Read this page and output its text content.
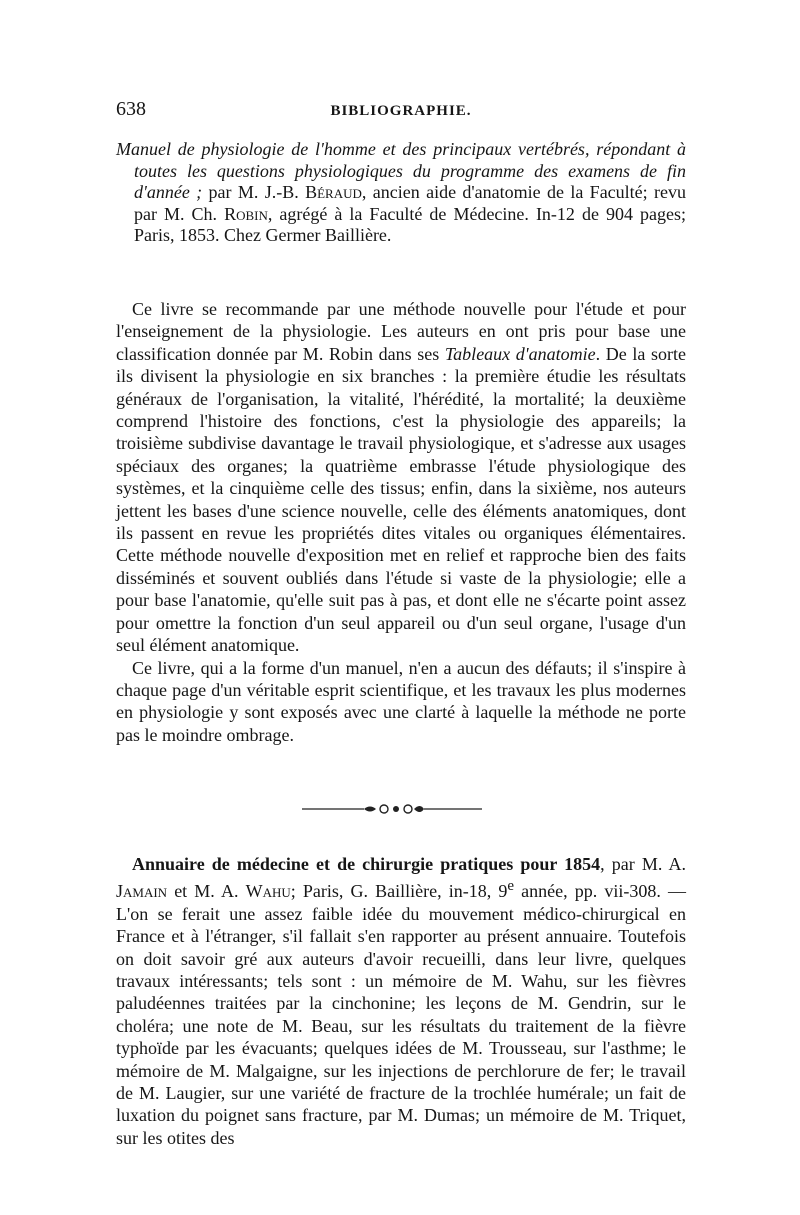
638	BIBLIOGRAPHIE.

Manuel de physiologie de l'homme et des principaux vertébrés, répondant à toutes les questions physiologiques du programme des examens de fin d'année ; par M. J.-B. Béraud, ancien aide d'anatomie de la Faculté; revu par M. Ch. Robin, agrégé à la Faculté de Médecine. In-12 de 904 pages; Paris, 1853. Chez Germer Baillière.

Ce livre se recommande par une méthode nouvelle pour l'étude et pour l'enseignement de la physiologie. Les auteurs en ont pris pour base une classification donnée par M. Robin dans ses Tableaux d'anatomie. De la sorte ils divisent la physiologie en six branches : la première étudie les résultats généraux de l'organisation, la vitalité, l'hérédité, la mortalité; la deuxième comprend l'histoire des fonctions, c'est la physiologie des appareils; la troisième subdivise davantage le travail physiologique, et s'adresse aux usages spéciaux des organes; la quatrième embrasse l'étude physiologique des systèmes, et la cinquième celle des tissus; enfin, dans la sixième, nos auteurs jettent les bases d'une science nouvelle, celle des éléments anatomiques, dont ils passent en revue les propriétés dites vitales ou organiques élémentaires. Cette méthode nouvelle d'exposition met en relief et rapproche bien des faits disséminés et souvent oubliés dans l'étude si vaste de la physiologie; elle a pour base l'anatomie, qu'elle suit pas à pas, et dont elle ne s'écarte point assez pour omettre la fonction d'un seul appareil ou d'un seul organe, l'usage d'un seul élément anatomique.

Ce livre, qui a la forme d'un manuel, n'en a aucun des défauts; il s'inspire à chaque page d'un véritable esprit scientifique, et les travaux les plus modernes en physiologie y sont exposés avec une clarté à laquelle la méthode ne porte pas le moindre ombrage.

Annuaire de médecine et de chirurgie pratiques pour 1854, par M. A. Jamain et M. A. Wahu; Paris, G. Baillière, in-18, 9e année, pp. vii-308. — L'on se ferait une assez faible idée du mouvement médico-chirurgical en France et à l'étranger, s'il fallait s'en rapporter au présent annuaire. Toutefois on doit savoir gré aux auteurs d'avoir recueilli, dans leur livre, quelques travaux intéressants; tels sont : un mémoire de M. Wahu, sur les fièvres paludéennes traitées par la cinchonine; les leçons de M. Gendrin, sur le choléra; une note de M. Beau, sur les résultats du traitement de la fièvre typhoïde par les évacuants; quelques idées de M. Trousseau, sur l'asthme; le mémoire de M. Malgaigne, sur les injections de perchlorure de fer; le travail de M. Laugier, sur une variété de fracture de la trochlée humérale; un fait de luxation du poignet sans fracture, par M. Dumas; un mémoire de M. Triquet, sur les otites des
